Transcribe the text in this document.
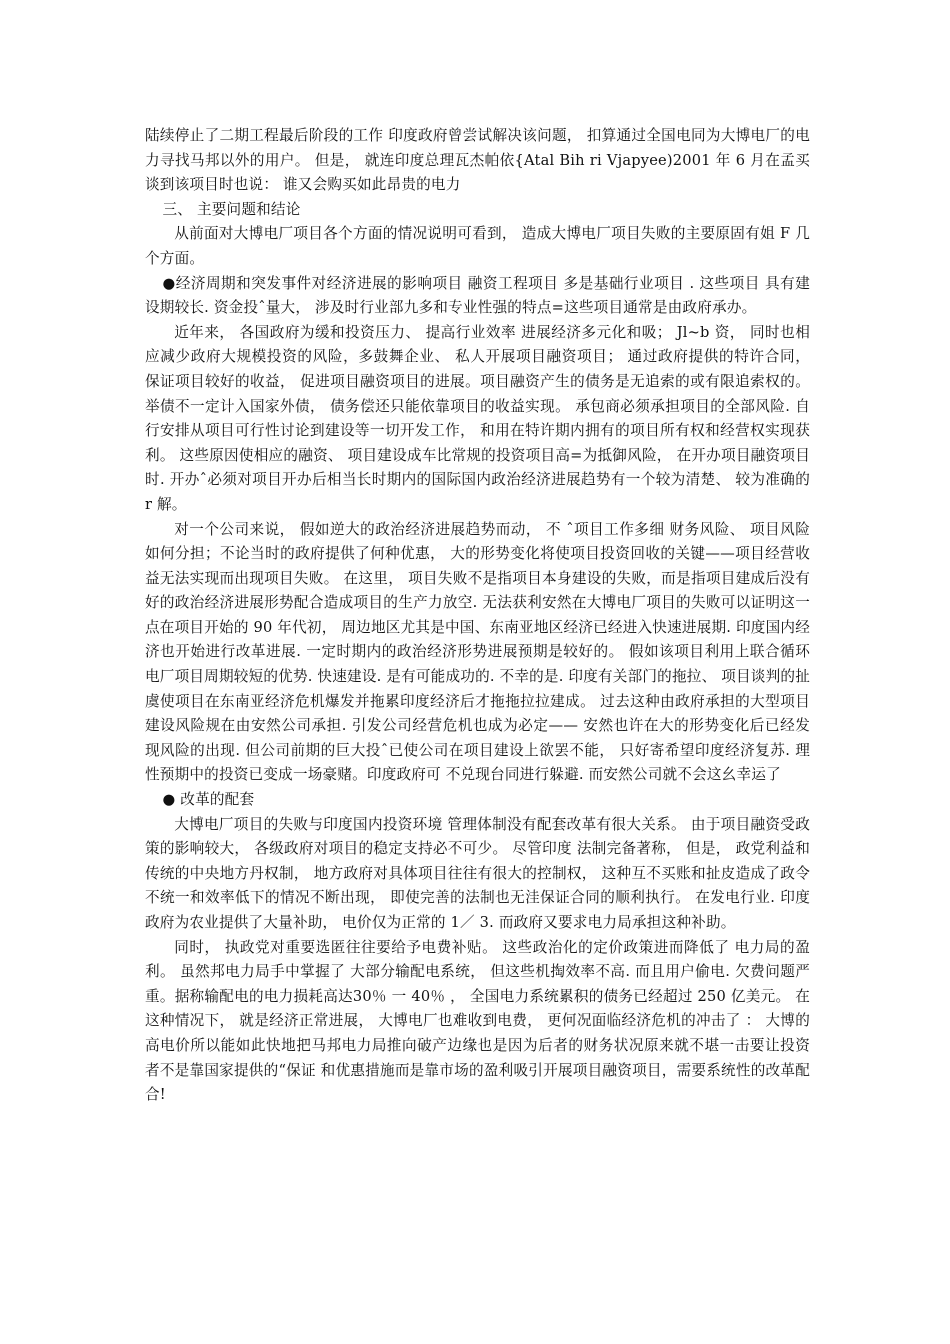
陆续停止了二期工程最后阶段的工作 印度政府曾尝试解决该问题， 扣算通过全国电同为大博电厂的电力寻找马邦以外的用户。 但是， 就连印度总理瓦杰帕依{Atal Bih ri Vjapyee)2001 年 6 月在孟买谈到该项目时也说： 谁又会购买如此昂贵的电力

三、 主要问题和结论

从前面对大博电厂项目各个方面的情况说明可看到， 造成大博电厂项目失败的主要原固有姐 F 几个方面。

●经济周期和突发事件对经济进展的影响项目 融资工程项目 多是基础行业项目 . 这些项目 具有建设期较长. 资金投ˆ量大， 涉及时行业部九多和专业性强的特点=这些项目通常是由政府承办。

近年来， 各国政府为缓和投资压力、 提高行业效率 进展经济多元化和吸； Jl~b 资， 同时也相应减少政府大规模投资的风险，多鼓舞企业、 私人开展项目融资项目； 通过政府提供的特许合同， 保证项目较好的收益， 促进项目融资项目的进展。项目融资产生的债务是无追索的或有限追索权的。 举债不一定计入国家外债， 债务偿还只能依靠项目的收益实现。 承包商必须承担项目的全部风险. 自行安排从项目可行性讨论到建设等一切开发工作， 和用在特许期内拥有的项目所有权和经营权实现获利。 这些原因使相应的融资、 项目建设成车比常规的投资项目高=为抵御风险， 在开办项目融资项目时. 开办ˆ必须对项目开办后相当长时期内的国际国内政治经济进展趋势有一个较为清楚、 较为准确的 r 解。

对一个公司来说， 假如逆大的政治经济进展趋势而动， 不 ˆ项目工作多细 财务风险、 项目风险如何分担；不论当时的政府提供了何种优惠， 大的形势变化将使项目投资回收的关键——项目经营收益无法实现而出现项目失败。 在这里， 项目失败不是指项目本身建设的失败，而是指项目建成后没有好的政治经济进展形势配合造成项目的生产力放空. 无法获利安然在大博电厂项目的失败可以证明这一点在项目开始的 90 年代初， 周边地区尤其是中国、东南亚地区经济已经进入快速进展期. 印度国内经济也开始进行改革进展. 一定时期内的政治经济形势进展预期是较好的。 假如该项目利用上联合循环电厂项目周期较短的优势. 快速建设. 是有可能成功的. 不幸的是. 印度有关部门的拖拉、 项目谈判的扯虞使项目在东南亚经济危机爆发并拖累印度经济后才拖拖拉拉建成。 过去这种由政府承担的大型项目建设风险规在由安然公司承担. 引发公司经营危机也成为必定—— 安然也许在大的形势变化后已经发现风险的出现. 但公司前期的巨大投ˆ已使公司在项目建设上欲罢不能， 只好寄希望印度经济复苏. 理性预期中的投资已变成一场豪赌。印度政府可 不兑现台同进行躲避. 而安然公司就不会这幺幸运了

● 改革的配套

大博电厂项目的失败与印度国内投资环境 管理体制没有配套改革有很大关系。 由于项目融资受政策的影响较大， 各级政府对项目的稳定支持必不可少。 尽管印度 法制完备著称， 但是， 政党利益和传统的中央地方丹权制， 地方政府对具体项目往往有很大的控制权， 这种互不买账和扯皮造成了政令不统一和效率低下的情况不断出现， 即使完善的法制也无洼保证合同的顺利执行。 在发电行业. 印度政府为农业提供了大量补助， 电价仅为正常的 1／ 3. 而政府又要求电力局承担这种补助。

同时， 执政党对重要选匿往往要给予电费补贴。 这些政治化的定价政策进而降低了 电力局的盈利。 虽然邦电力局手中掌握了 大部分输配电系统， 但这些机掏效率不高. 而且用户偷电. 欠费问题严重。据称输配电的电力损耗高达30％ 一 40％ ， 全国电力系统累积的债务已经超过 250 亿美元。 在这种情况下， 就是经济正常进展， 大博电厂也难收到电费， 更何况面临经济危机的冲击了 ： 大博的高电价所以能如此快地把马邦电力局推向破产边缘也是因为后者的财务状况原来就不堪一击要让投资者不是靠国家提供的“保证 和优惠措施而是靠市场的盈利吸引开展项目融资项目，需要系统性的改革配合!
